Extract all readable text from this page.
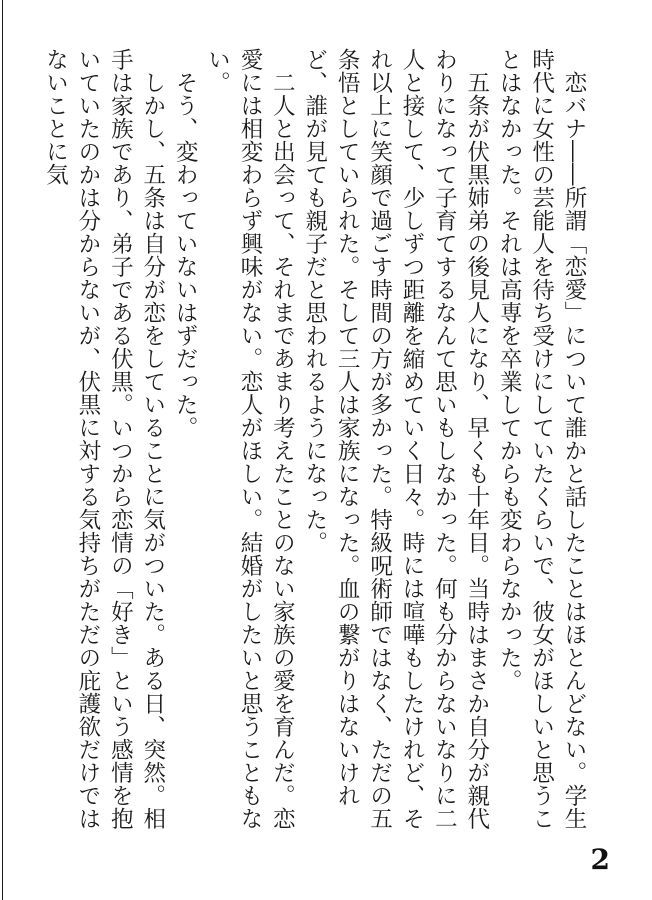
恋バナ――所謂「恋愛」について誰かと話したことはほとんどない。学生時代に女性の芸能人を待ち受けにしていたくらいで、彼女がほしいと思うことはなかった。それは高専を卒業してからも変わらなかった。

五条が伏黒姉弟の後見人になり、早くも十年目。当時はまさか自分が親代わりになって子育てするなんて思いもしなかった。何も分からないなりに二人と接して、少しずつ距離を縮めていく日々。時には喧嘩もしたけれど、それ以上に笑顔で過ごす時間の方が多かった。特級呪術師ではなく、ただの五条悟としていられた。そして三人は家族になった。血の繋がりはないけれど、誰が見ても親子だと思われるようになった。

二人と出会って、それまであまり考えたことのない家族の愛を育んだ。恋愛には相変わらず興味がない。恋人がほしい。結婚がしたいと思うこともない。

そう、変わっていないはずだった。

しかし、五条は自分が恋をしていることに気がついた。ある日、突然。相手は家族であり、弟子である伏黒。いつから恋情の「好き」という感情を抱いていたのかは分からないが、伏黒に対する気持ちがただの庇護欲だけではないことに気

2
